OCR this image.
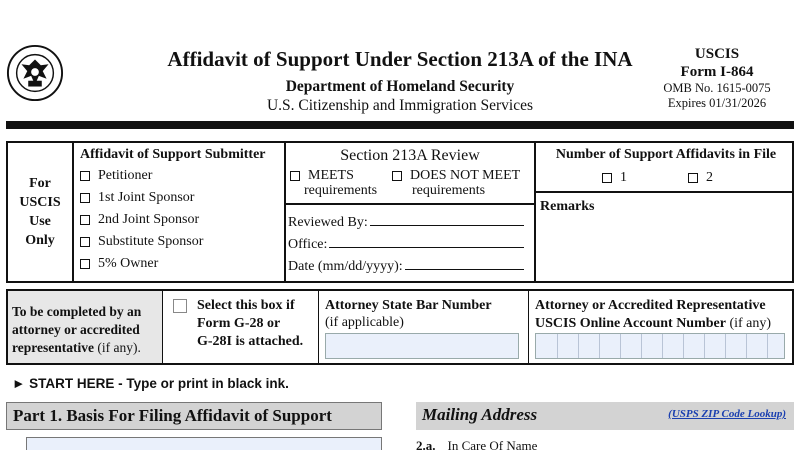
Affidavit of Support Under Section 213A of the INA
Department of Homeland Security
U.S. Citizenship and Immigration Services
USCIS
Form I-864
OMB No. 1615-0075
Expires 01/31/2026
For
USCIS
Use
Only
Affidavit of Support Submitter
Petitioner
1st Joint Sponsor
2nd Joint Sponsor
Substitute Sponsor
5% Owner
Section 213A Review
MEETS
requirements
DOES NOT MEET
requirements
Reviewed By:
Office:
Date (mm/dd/yyyy):
Number of Support Affidavits in File
1	2
Remarks
To be completed by an
attorney or accredited
representative (if any).
Select this box if
Form G-28 or
G-28I is attached.
Attorney State Bar Number
(if applicable)
Attorney or Accredited Representative
USCIS Online Account Number (if any)
► START HERE - Type or print in black ink.
Part 1. Basis For Filing Affidavit of Support	Mailing Address	(USPS ZIP Code Lookup)
2.a. In Care Of Name
